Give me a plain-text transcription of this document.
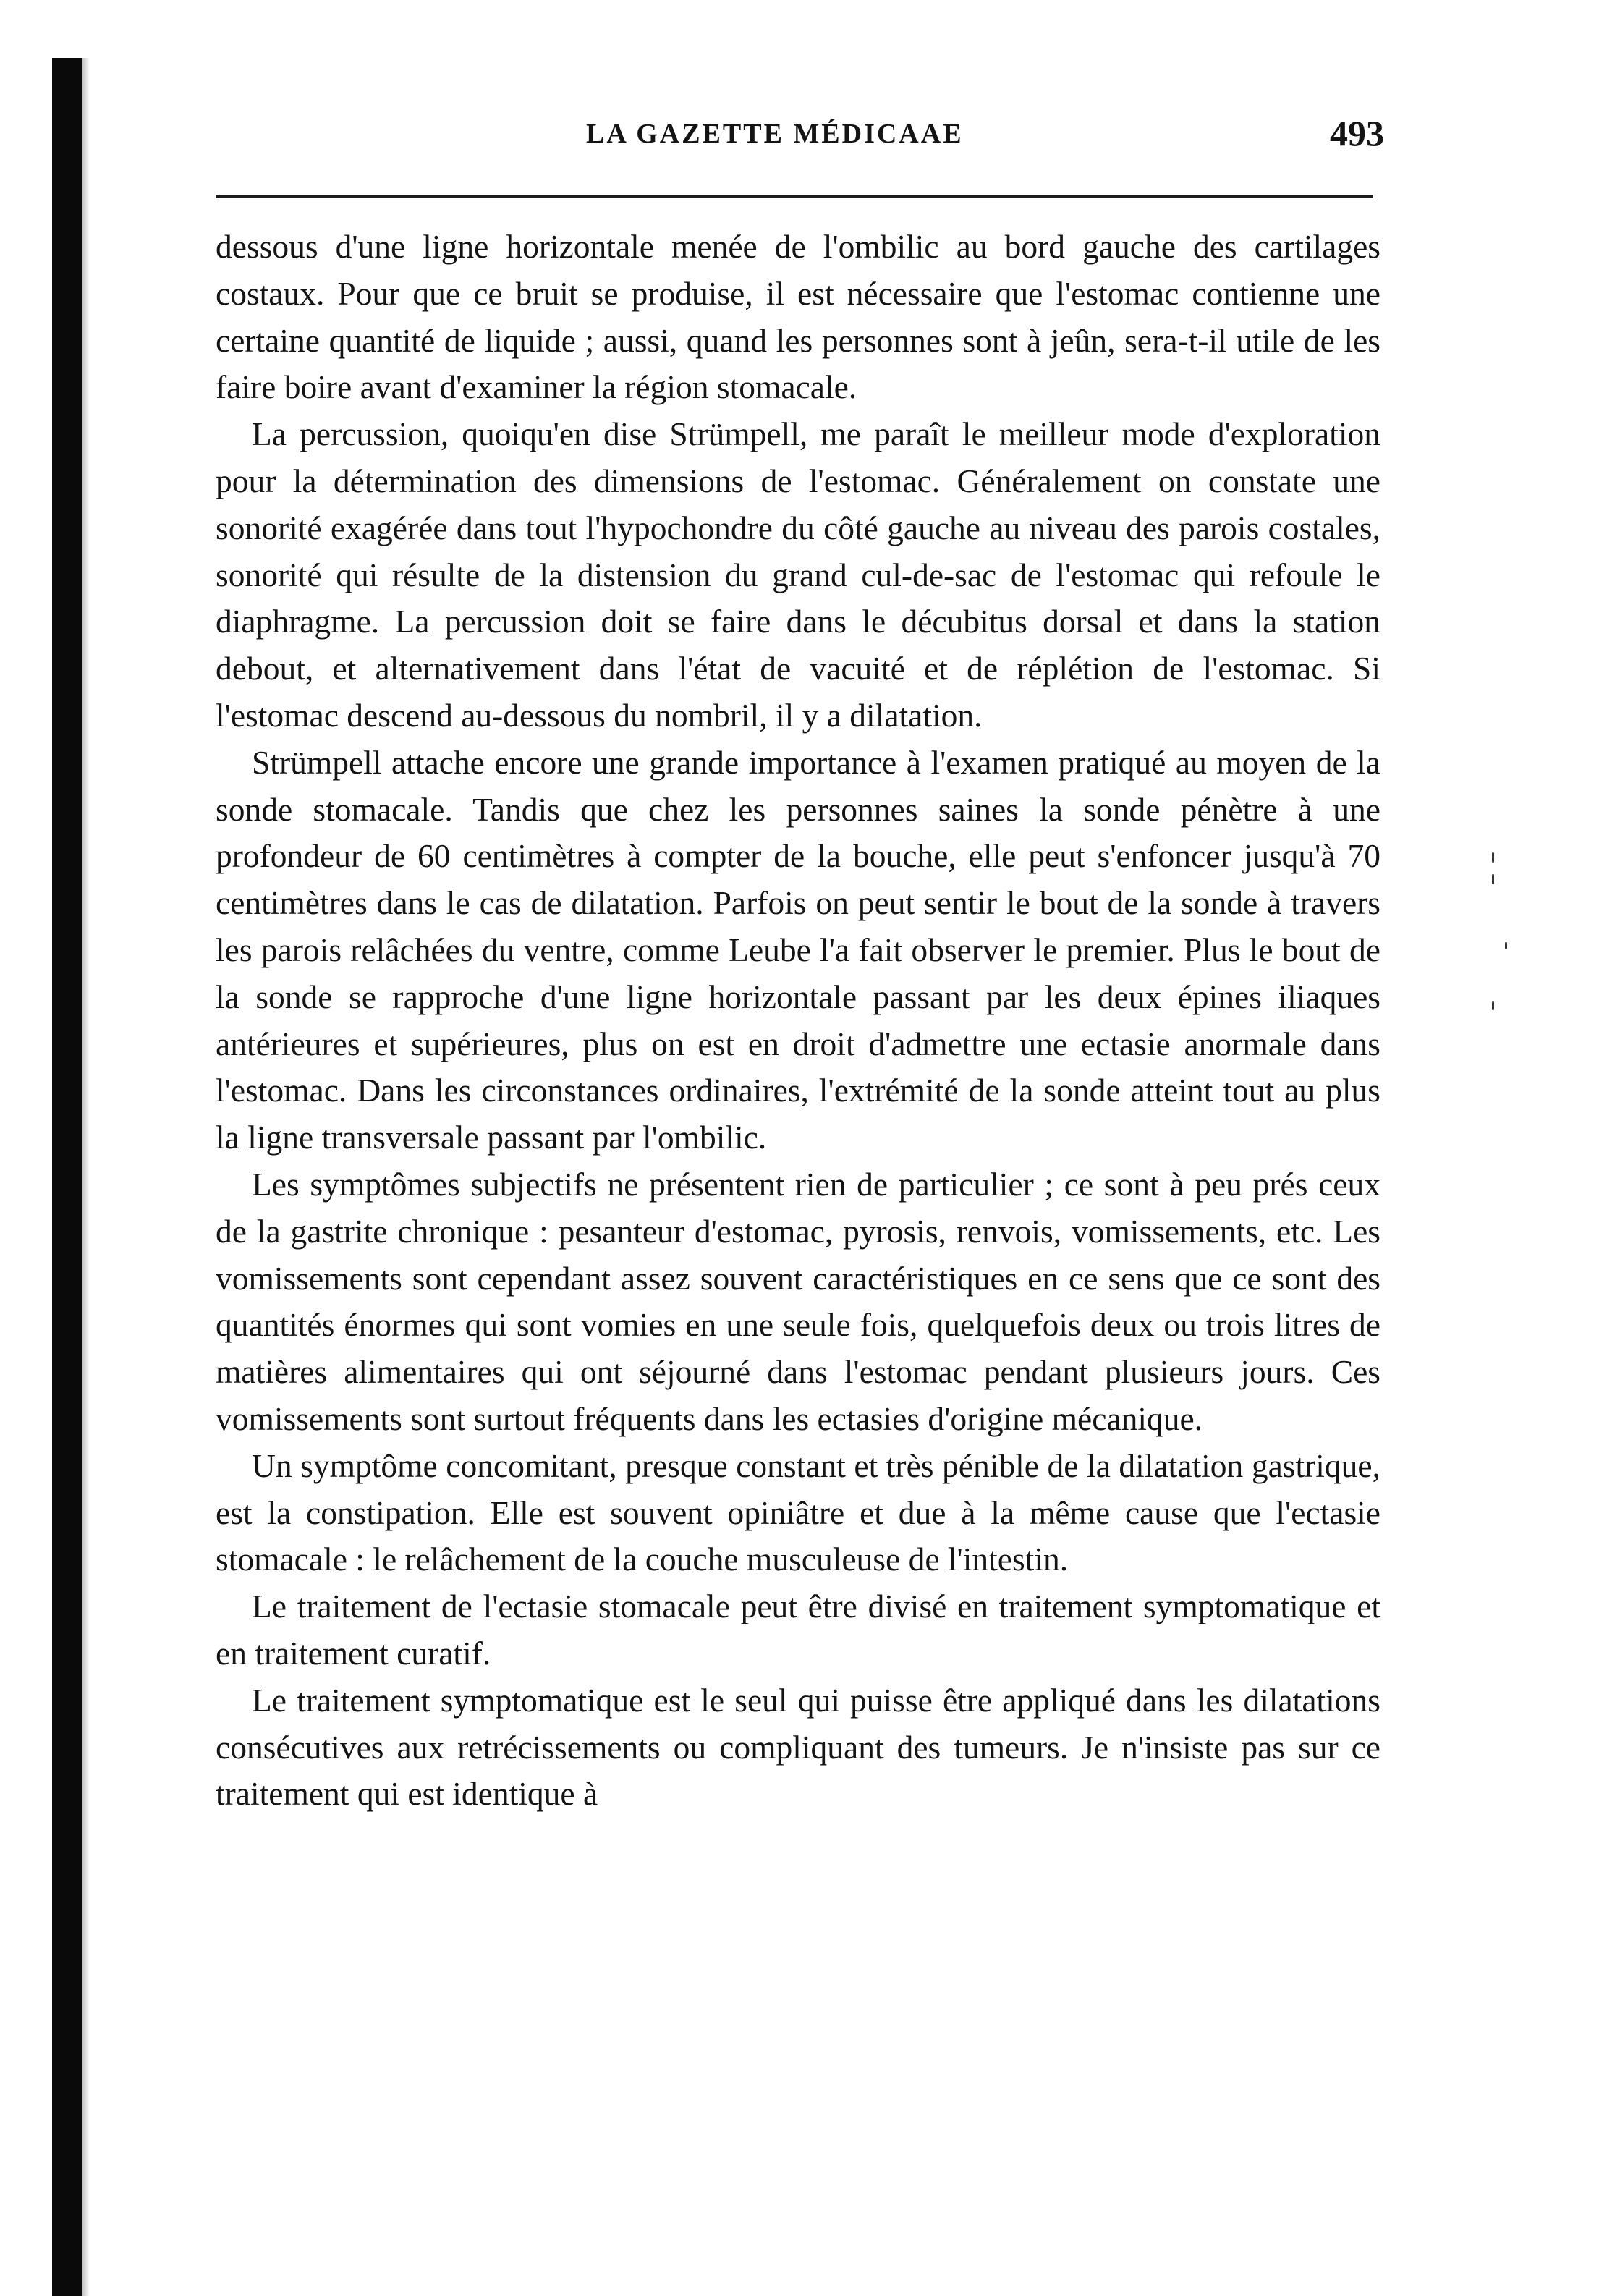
LA GAZETTE MÉDICAAE	493

dessous d'une ligne horizontale menée de l'ombilic au bord gauche des cartilages costaux. Pour que ce bruit se produise, il est nécessaire que l'estomac contienne une certaine quantité de liquide ; aussi, quand les personnes sont à jeûn, sera-t-il utile de les faire boire avant d'examiner la région stomacale.

La percussion, quoiqu'en dise Strümpell, me paraît le meilleur mode d'exploration pour la détermination des dimensions de l'estomac. Généralement on constate une sonorité exagérée dans tout l'hypochondre du côté gauche au niveau des parois costales, sonorité qui résulte de la distension du grand cul-de-sac de l'estomac qui refoule le diaphragme. La percussion doit se faire dans le décubitus dorsal et dans la station debout, et alternativement dans l'état de vacuité et de réplétion de l'estomac. Si l'estomac descend au-dessous du nombril, il y a dilatation.

Strümpell attache encore une grande importance à l'examen pratiqué au moyen de la sonde stomacale. Tandis que chez les personnes saines la sonde pénètre à une profondeur de 60 centimètres à compter de la bouche, elle peut s'enfoncer jusqu'à 70 centimètres dans le cas de dilatation. Parfois on peut sentir le bout de la sonde à travers les parois relâchées du ventre, comme Leube l'a fait observer le premier. Plus le bout de la sonde se rapproche d'une ligne horizontale passant par les deux épines iliaques antérieures et supérieures, plus on est en droit d'admettre une ectasie anormale dans l'estomac. Dans les circonstances ordinaires, l'extrémité de la sonde atteint tout au plus la ligne transversale passant par l'ombilic.

Les symptômes subjectifs ne présentent rien de particulier ; ce sont à peu prés ceux de la gastrite chronique : pesanteur d'estomac, pyrosis, renvois, vomissements, etc. Les vomissements sont cependant assez souvent caractéristiques en ce sens que ce sont des quantités énormes qui sont vomies en une seule fois, quelquefois deux ou trois litres de matières alimentaires qui ont séjourné dans l'estomac pendant plusieurs jours. Ces vomissements sont surtout fréquents dans les ectasies d'origine mécanique.

Un symptôme concomitant, presque constant et très pénible de la dilatation gastrique, est la constipation. Elle est souvent opiniâtre et due à la même cause que l'ectasie stomacale : le relâchement de la couche musculeuse de l'intestin.

Le traitement de l'ectasie stomacale peut être divisé en traitement symptomatique et en traitement curatif.

Le traitement symptomatique est le seul qui puisse être appliqué dans les dilatations consécutives aux retrécissements ou compliquant des tumeurs. Je n'insiste pas sur ce traitement qui est identique à
